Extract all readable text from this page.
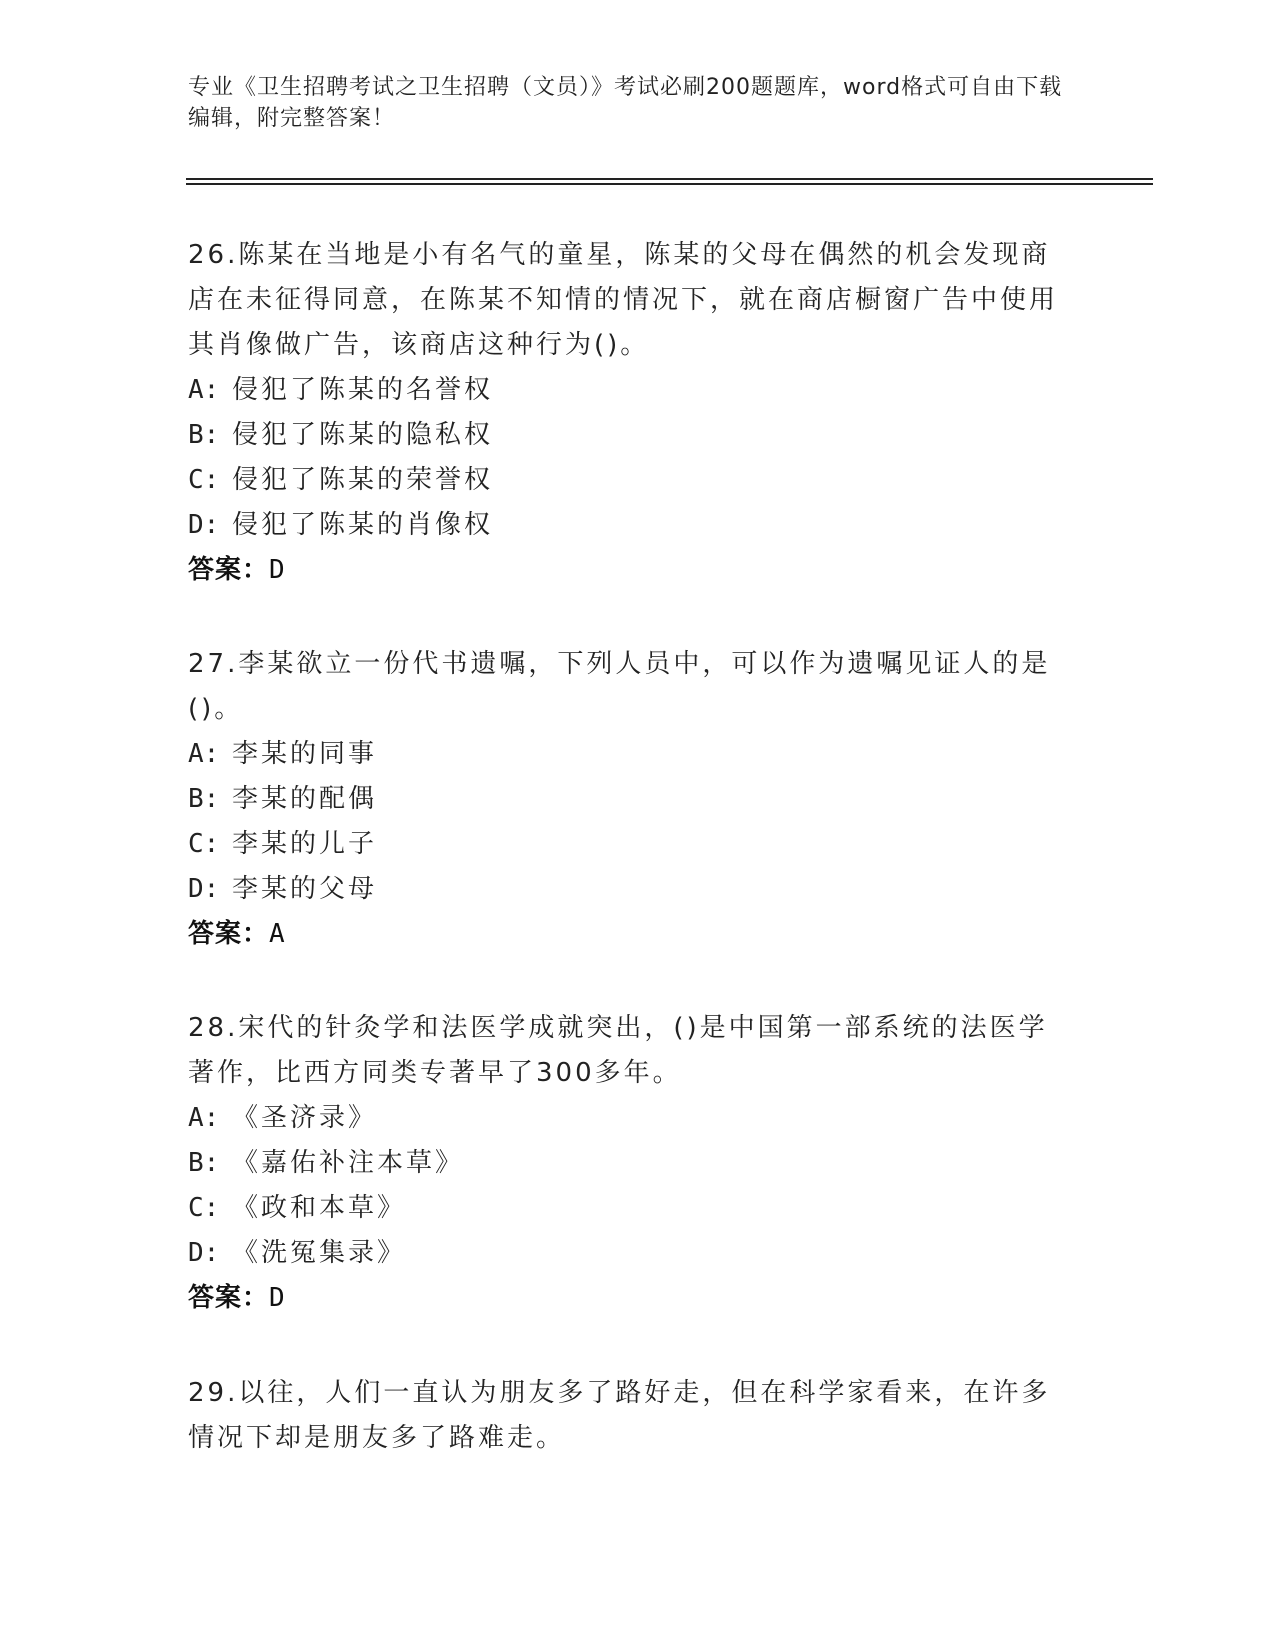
专业《卫生招聘考试之卫生招聘（文员）》考试必刷200题题库，word格式可自由下载编辑，附完整答案！
26.陈某在当地是小有名气的童星，陈某的父母在偶然的机会发现商店在未征得同意，在陈某不知情的情况下，就在商店橱窗广告中使用其肖像做广告，该商店这种行为()。
A: 侵犯了陈某的名誉权
B: 侵犯了陈某的隐私权
C: 侵犯了陈某的荣誉权
D: 侵犯了陈某的肖像权
答案：D
27.李某欲立一份代书遗嘱，下列人员中，可以作为遗嘱见证人的是()。
A: 李某的同事
B: 李某的配偶
C: 李某的儿子
D: 李某的父母
答案：A
28.宋代的针灸学和法医学成就突出，()是中国第一部系统的法医学著作，比西方同类专著早了300多年。
A: 《圣济录》
B: 《嘉佑补注本草》
C: 《政和本草》
D: 《洗冤集录》
答案：D
29.以往，人们一直认为朋友多了路好走，但在科学家看来，在许多情况下却是朋友多了路难走。
